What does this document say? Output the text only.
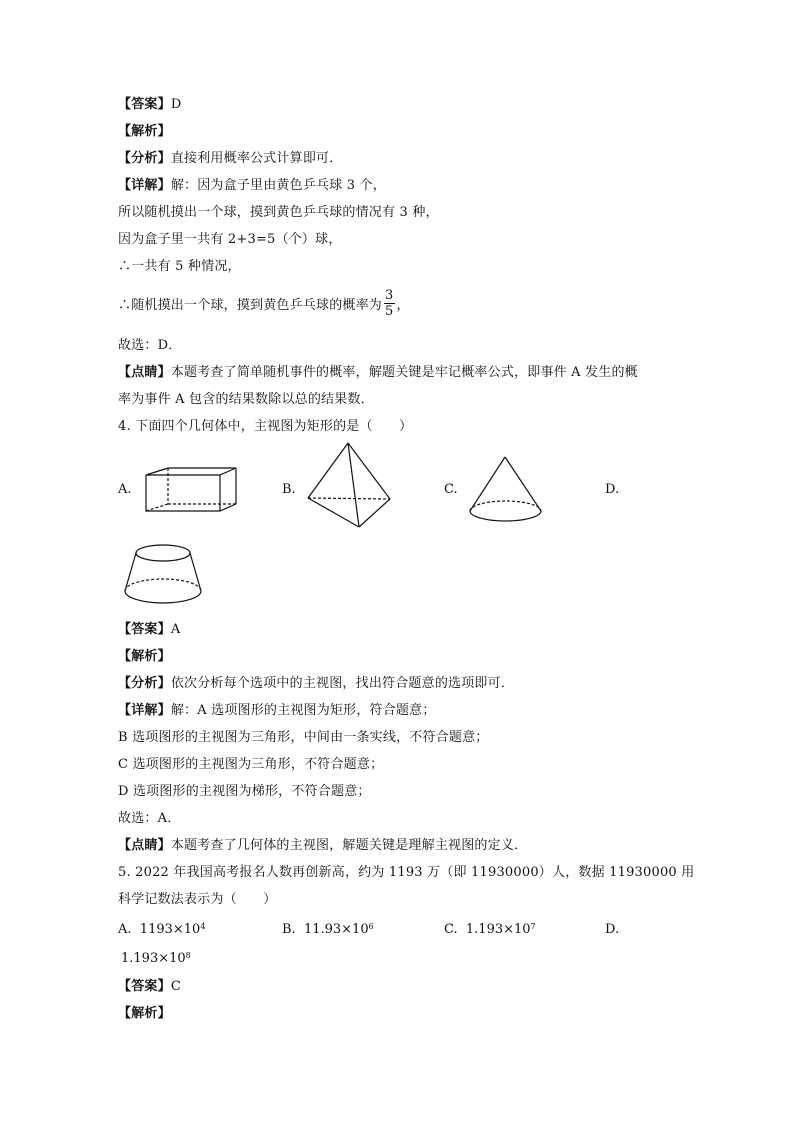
【答案】D
【解析】
【分析】直接利用概率公式计算即可．
【详解】解：因为盒子里由黄色乒乓球 3 个，
所以随机摸出一个球，摸到黄色乒乓球的情况有 3 种，
因为盒子里一共有 2+3=5（个）球，
∴一共有 5 种情况，
∴随机摸出一个球，摸到黄色乒乓球的概率为 $\frac{3}{5}$ ，
故选：D．
【点睛】本题考查了简单随机事件的概率，解题关键是牢记概率公式，即事件 A 发生的概
率为事件 A 包含的结果数除以总的结果数．
4. 下面四个几何体中，主视图为矩形的是（　　）
A.	B.	C.	D.
【答案】A
【解析】
【分析】依次分析每个选项中的主视图，找出符合题意的选项即可．
【详解】解：A 选项图形的主视图为矩形，符合题意；
B 选项图形的主视图为三角形，中间由一条实线，不符合题意；
C 选项图形的主视图为三角形，不符合题意；
D 选项图形的主视图为梯形，不符合题意；
故选：A．
【点睛】本题考查了几何体的主视图，解题关键是理解主视图的定义．
5. 2022 年我国高考报名人数再创新高，约为 1193 万（即 11930000）人，数据 11930000 用
科学记数法表示为（　　）
A. $1193\times 10^4$	B. $11.93\times 10^6$	C. $1.193\times 10^7$	D.
$1.193\times 10^8$
【答案】C
【解析】
